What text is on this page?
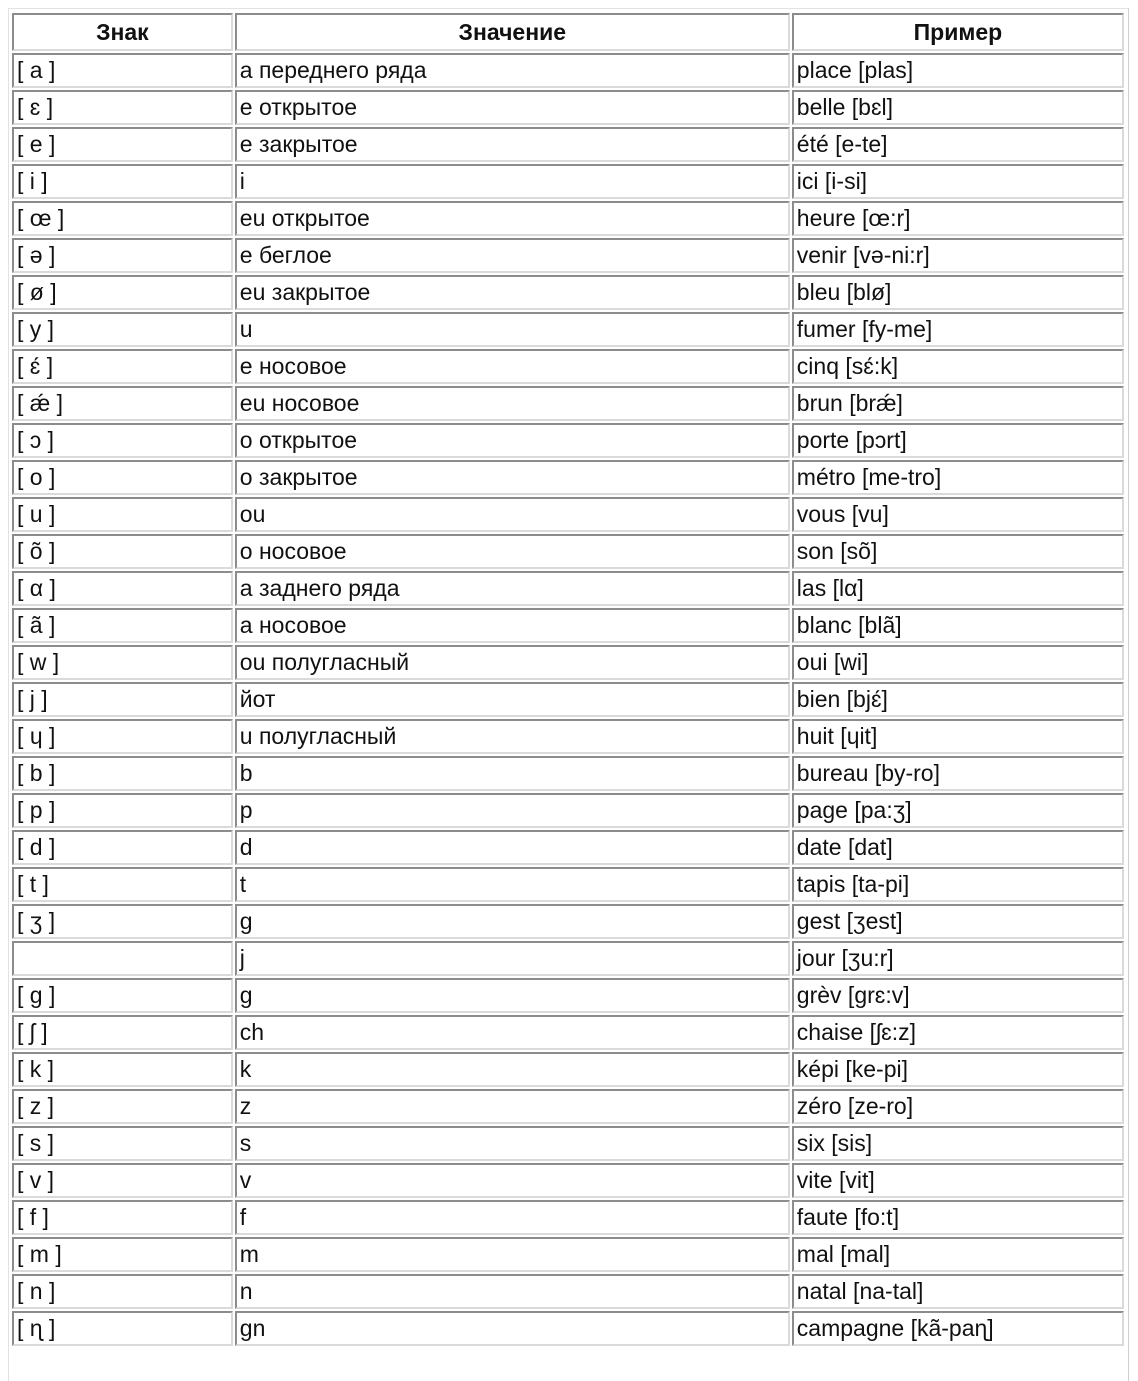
Знак	Значение	Пример
[ a ]	a переднего ряда	place [plas]
[ ɛ ]	е открытое	belle [bɛl]
[ e ]	e закрытое	été [e-te]
[ i ]	i	ici [i-si]
[ œ ]	eu открытое	heure [œ:r]
[ ə ]	e беглое	venir [və-ni:r]
[ ø ]	eu закрытое	bleu [blø]
[ y ]	u	fumer [fy-me]
[ ɛ́ ]	e носовое	cinq [sɛ́:k]
[ ǽ ]	eu носовое	brun [brǽ]
[ ɔ ]	o открытое	porte [pɔrt]
[ o ]	o закрытое	métro [me-tro]
[ u ]	ou	vous [vu]
[ õ ]	o носовое	son [sõ]
[ α ]	a заднего ряда	las [lα]
[ ã ]	a носовое	blanc [blã]
[ w ]	ou полугласный	oui [wi]
[ j ]	йот	bien [bjɛ́]
[ ɥ ]	u полугласный	huit [ɥit]
[ b ]	b	bureau [by-ro]
[ p ]	p	page [pa:ʒ]
[ d ]	d	date [dat]
[ t ]	t	tapis [ta-pi]
[ ʒ ]	g	gest [ʒest]
	j	jour [ʒu:r]
[ g ]	g	grèv [grɛ:v]
[ ʃ ]	ch	chaise [ʃɛ:z]
[ k ]	k	képi [ke-pi]
[ z ]	z	zéro [ze-ro]
[ s ]	s	six [sis]
[ v ]	v	vite [vit]
[ f ]	f	faute [fo:t]
[ m ]	m	mal [mal]
[ n ]	n	natal [na-tal]
[ ɳ ]	gn	campagne [kã-paɳ]
